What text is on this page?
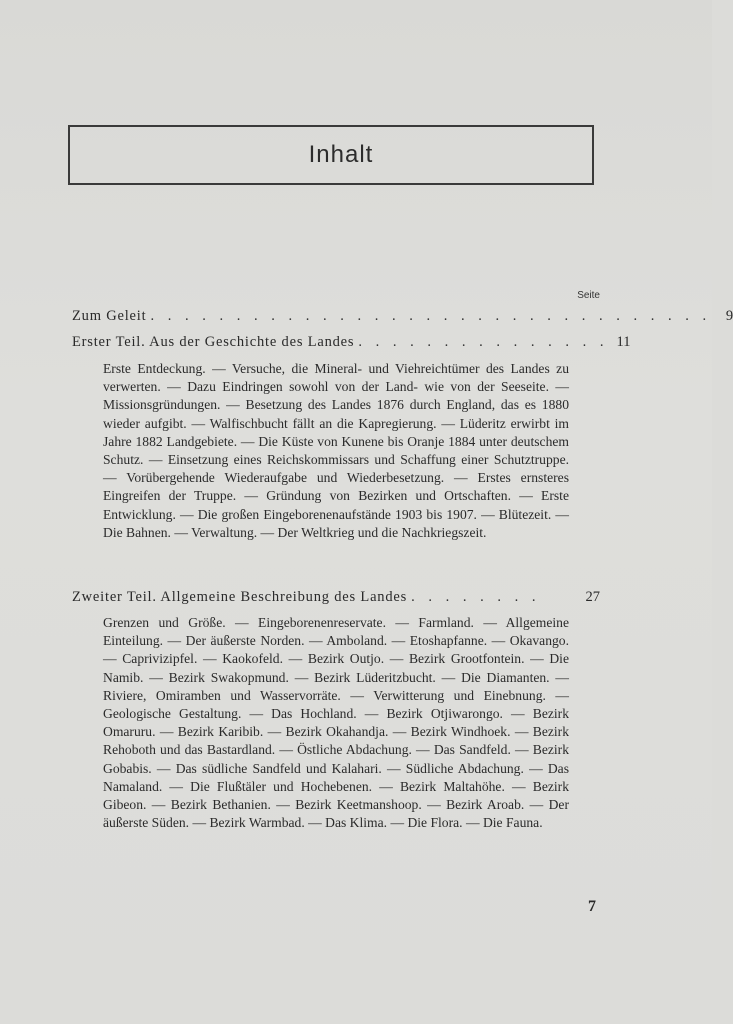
Inhalt
Seite
Zum Geleit . . . . . . . . . . . . . . . . . . . . . . . . . . . . . . . . .	9
Erster Teil. Aus der Geschichte des Landes . . . . . . . . . . . . . . . 11
Erste Entdeckung. — Versuche, die Mineral- und Viehreichtümer des Landes zu verwerten. — Dazu Eindringen sowohl von der Land- wie von der Seeseite. — Missionsgründungen. — Besetzung des Landes 1876 durch England, das es 1880 wieder aufgibt. — Walfischbucht fällt an die Kapregierung. — Lüderitz erwirbt im Jahre 1882 Landgebiete. — Die Küste von Kunene bis Oranje 1884 unter deutschem Schutz. — Einsetzung eines Reichskommissars und Schaffung einer Schutztruppe. — Vorübergehende Wiederaufgabe und Wiederbesetzung. — Erstes ernsteres Eingreifen der Truppe. — Gründung von Bezirken und Ortschaften. — Erste Entwicklung. — Die großen Eingeborenenaufstände 1903 bis 1907. — Blütezeit. — Die Bahnen. — Verwaltung. — Der Weltkrieg und die Nachkriegszeit.
Zweiter Teil. Allgemeine Beschreibung des Landes . . . . . . . .	27
Grenzen und Größe. — Eingeborenenreservate. — Farmland. — Allgemeine Einteilung. — Der äußerste Norden. — Amboland. — Etoshapfanne. — Okavango. — Caprivizipfel. — Kaokofeld. — Bezirk Outjo. — Bezirk Grootfontein. — Die Namib. — Bezirk Swakopmund. — Bezirk Lüderitzbucht. — Die Diamanten. — Riviere, Omiramben und Wasservorräte. — Verwitterung und Einebnung. — Geologische Gestaltung. — Das Hochland. — Bezirk Otjiwarongo. — Bezirk Omaruru. — Bezirk Karibib. — Bezirk Okahandja. — Bezirk Windhoek. — Bezirk Rehoboth und das Bastardland. — Östliche Abdachung. — Das Sandfeld. — Bezirk Gobabis. — Das südliche Sandfeld und Kalahari. — Südliche Abdachung. — Das Namaland. — Die Flußtäler und Hochebenen. — Bezirk Maltahöhe. — Bezirk Gibeon. — Bezirk Bethanien. — Bezirk Keetmanshoop. — Bezirk Aroab. — Der äußerste Süden. — Bezirk Warmbad. — Das Klima. — Die Flora. — Die Fauna.
7
